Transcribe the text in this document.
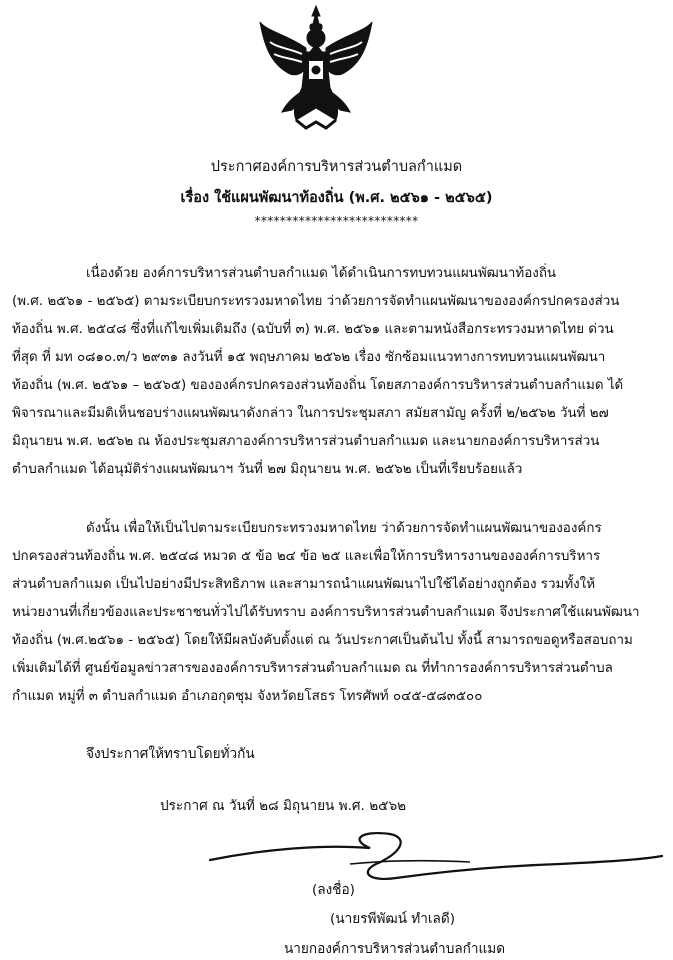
ประกาศองค์การบริหารส่วนตำบลกำแมด
เรื่อง ใช้แผนพัฒนาท้องถิ่น (พ.ศ. ๒๕๖๑ - ๒๕๖๕)
**************************
เนื่องด้วย องค์การบริหารส่วนตำบลกำแมด ได้ดำเนินการทบทวนแผนพัฒนาท้องถิ่น
(พ.ศ. ๒๕๖๑ - ๒๕๖๕) ตามระเบียบกระทรวงมหาดไทย ว่าด้วยการจัดทำแผนพัฒนาขององค์กรปกครองส่วน
ท้องถิ่น พ.ศ. ๒๕๔๘ ซึ่งที่แก้ไขเพิ่มเติมถึง (ฉบับที่ ๓) พ.ศ. ๒๕๖๑ และตามหนังสือกระทรวงมหาดไทย ด่วน
ที่สุด ที่ มท ๐๘๑๐.๓/ว ๒๙๓๑ ลงวันที่ ๑๕ พฤษภาคม ๒๕๖๒ เรื่อง ซักซ้อมแนวทางการทบทวนแผนพัฒนา
ท้องถิ่น (พ.ศ. ๒๕๖๑ – ๒๕๖๕) ขององค์กรปกครองส่วนท้องถิ่น โดยสภาองค์การบริหารส่วนตำบลกำแมด ได้
พิจารณาและมีมติเห็นชอบร่างแผนพัฒนาดังกล่าว ในการประชุมสภา สมัยสามัญ ครั้งที่ ๒/๒๕๖๒ วันที่ ๒๗
มิถุนายน พ.ศ. ๒๕๖๒ ณ ห้องประชุมสภาองค์การบริหารส่วนตำบลกำแมด และนายกองค์การบริหารส่วน
ตำบลกำแมด ได้อนุมัติร่างแผนพัฒนาฯ วันที่ ๒๗ มิถุนายน พ.ศ. ๒๕๖๒ เป็นที่เรียบร้อยแล้ว
ดังนั้น เพื่อให้เป็นไปตามระเบียบกระทรวงมหาดไทย ว่าด้วยการจัดทำแผนพัฒนาขององค์กร
ปกครองส่วนท้องถิ่น พ.ศ. ๒๕๔๘ หมวด ๕ ข้อ ๒๔ ข้อ ๒๕ และเพื่อให้การบริหารงานขององค์การบริหาร
ส่วนตำบลกำแมด เป็นไปอย่างมีประสิทธิภาพ และสามารถนำแผนพัฒนาไปใช้ได้อย่างถูกต้อง รวมทั้งให้
หน่วยงานที่เกี่ยวข้องและประชาชนทั่วไปได้รับทราบ องค์การบริหารส่วนตำบลกำแมด จึงประกาศใช้แผนพัฒนา
ท้องถิ่น (พ.ศ.๒๕๖๑ - ๒๕๖๕) โดยให้มีผลบังคับตั้งแต่ ณ วันประกาศเป็นต้นไป ทั้งนี้ สามารถขอดูหรือสอบถาม
เพิ่มเติมได้ที่ ศูนย์ข้อมูลข่าวสารขององค์การบริหารส่วนตำบลกำแมด ณ ที่ทำการองค์การบริหารส่วนตำบล
กำแมด หมู่ที่ ๓ ตำบลกำแมด อำเภอกุดชุม จังหวัดยโสธร โทรศัพท์ ๐๔๕-๕๘๓๕๐๐
จึงประกาศให้ทราบโดยทั่วกัน
ประกาศ ณ วันที่ ๒๘ มิถุนายน พ.ศ. ๒๕๖๒
(ลงชื่อ)
(นายรพีพัฒน์ ทำเลดี)
นายกองค์การบริหารส่วนตำบลกำแมด
